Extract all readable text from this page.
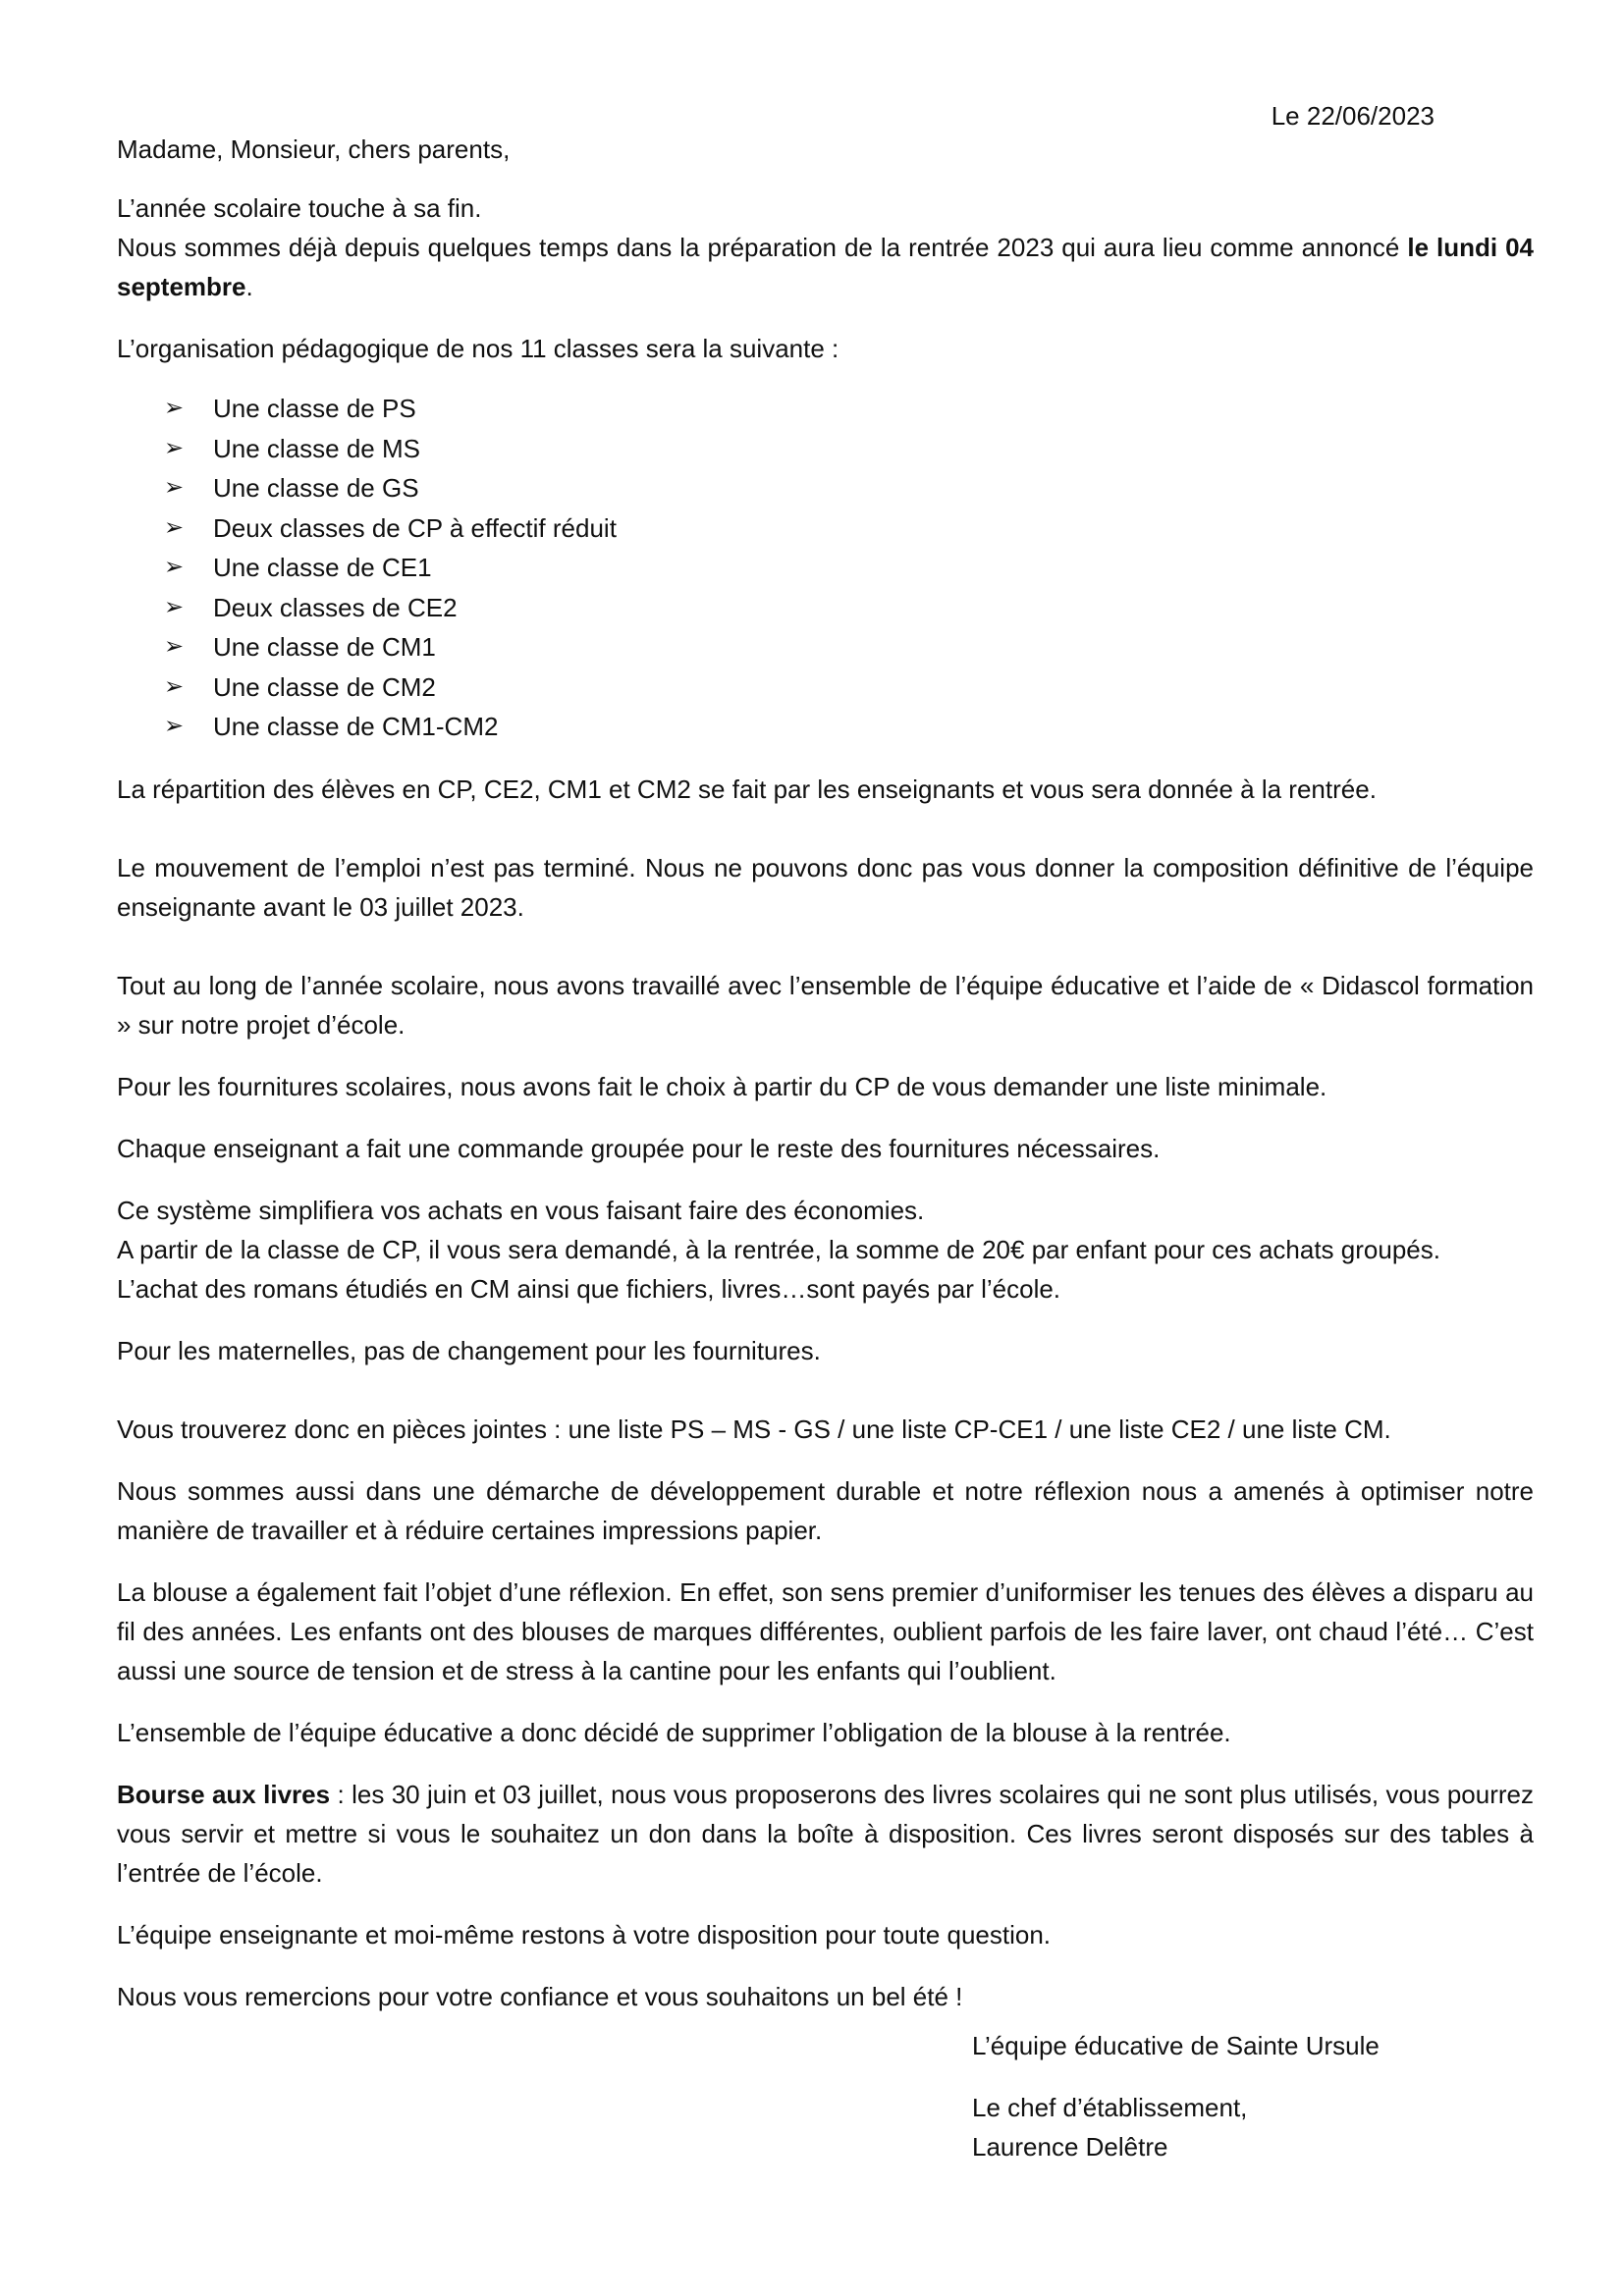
Le 22/06/2023

Madame, Monsieur, chers parents,

L’année scolaire touche à sa fin.

Nous sommes déjà depuis quelques temps dans la préparation de la rentrée 2023 qui aura lieu comme annoncé le lundi 04 septembre.

L’organisation pédagogique de nos 11 classes sera la suivante :

➢ Une classe de PS
➢ Une classe de MS
➢ Une classe de GS
➢ Deux classes de CP à effectif réduit
➢ Une classe de CE1
➢ Deux classes de CE2
➢ Une classe de CM1
➢ Une classe de CM2
➢ Une classe de CM1-CM2

La répartition des élèves en CP, CE2, CM1 et CM2 se fait par les enseignants et vous sera donnée à la rentrée.

Le mouvement de l’emploi n’est pas terminé. Nous ne pouvons donc pas vous donner la composition définitive de l’équipe enseignante avant le 03 juillet 2023.

Tout au long de l’année scolaire, nous avons travaillé avec l’ensemble de l’équipe éducative et l’aide de « Didascol formation » sur notre projet d’école.

Pour les fournitures scolaires, nous avons fait le choix à partir du CP de vous demander une liste minimale.

Chaque enseignant a fait une commande groupée pour le reste des fournitures nécessaires.

Ce système simplifiera vos achats en vous faisant faire des économies.

A partir de la classe de CP, il vous sera demandé, à la rentrée, la somme de 20€ par enfant pour ces achats groupés.

L’achat des romans étudiés en CM ainsi que fichiers, livres…sont payés par l’école.

Pour les maternelles, pas de changement pour les fournitures.

Vous trouverez donc en pièces jointes : une liste PS – MS - GS / une liste CP-CE1 / une liste CE2 / une liste CM.

Nous sommes aussi dans une démarche de développement durable et notre réflexion nous a amenés à optimiser notre manière de travailler et à réduire certaines impressions papier.

La blouse a également fait l’objet d’une réflexion. En effet, son sens premier d’uniformiser les tenues des élèves a disparu au fil des années. Les enfants ont des blouses de marques différentes, oublient parfois de les faire laver, ont chaud l’été… C’est aussi une source de tension et de stress à la cantine pour les enfants qui l’oublient.

L’ensemble de l’équipe éducative a donc décidé de supprimer l’obligation de la blouse à la rentrée.

Bourse aux livres : les 30 juin et 03 juillet, nous vous proposerons des livres scolaires qui ne sont plus utilisés, vous pourrez vous servir et mettre si vous le souhaitez un don dans la boîte à disposition. Ces livres seront disposés sur des tables à l’entrée de l’école.

L’équipe enseignante et moi-même restons à votre disposition pour toute question.

Nous vous remercions pour votre confiance et vous souhaitons un bel été !

L’équipe éducative de Sainte Ursule

Le chef d’établissement,

Laurence Delêtre
